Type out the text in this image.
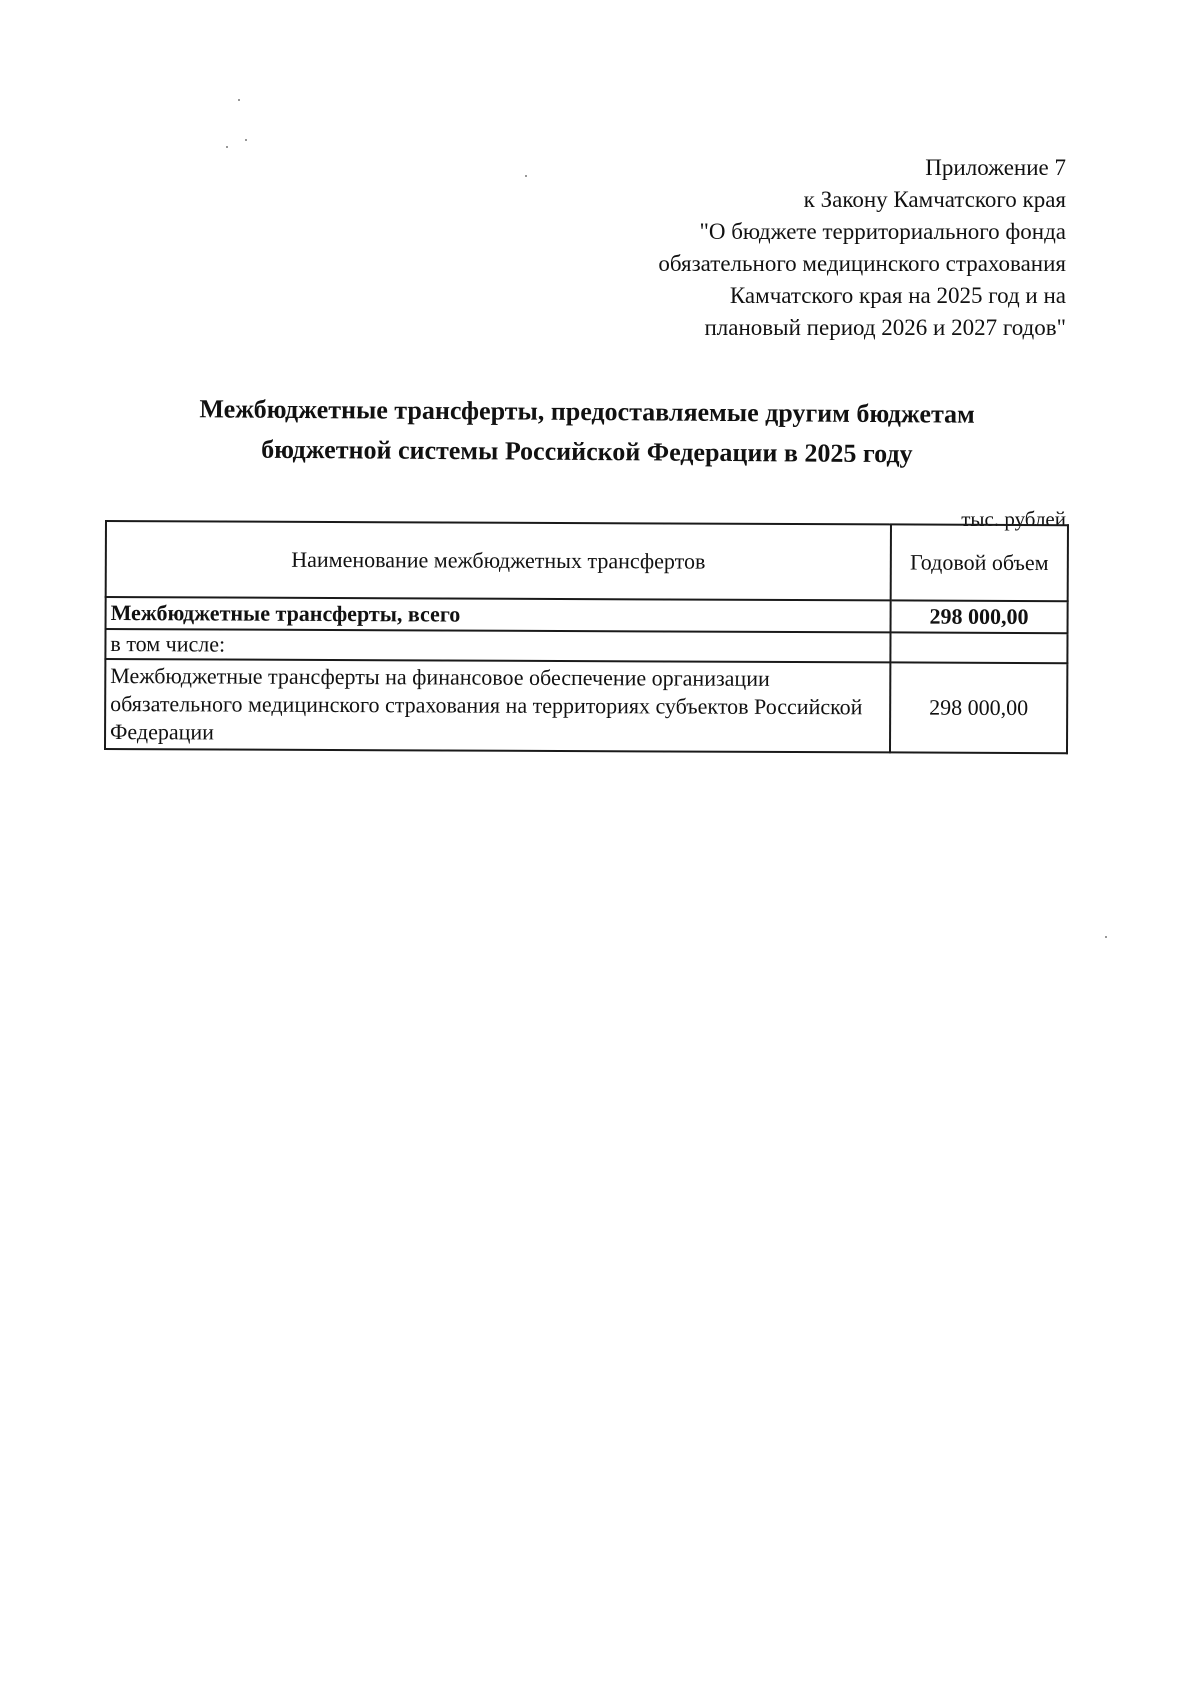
Приложение 7
к Закону Камчатского края
"О бюджете территориального фонда
обязательного медицинского страхования
Камчатского края на 2025 год и на
плановый период 2026 и 2027 годов"
Межбюджетные трансферты, предоставляемые другим бюджетам
бюджетной системы Российской Федерации в 2025 году
тыс. рублей
Наименование межбюджетных трансфертов	Годовой объем
Межбюджетные трансферты, всего	298 000,00
в том числе:	
Межбюджетные трансферты на финансовое обеспечение организации обязательного медицинского страхования на территориях субъектов Российской Федерации	298 000,00
